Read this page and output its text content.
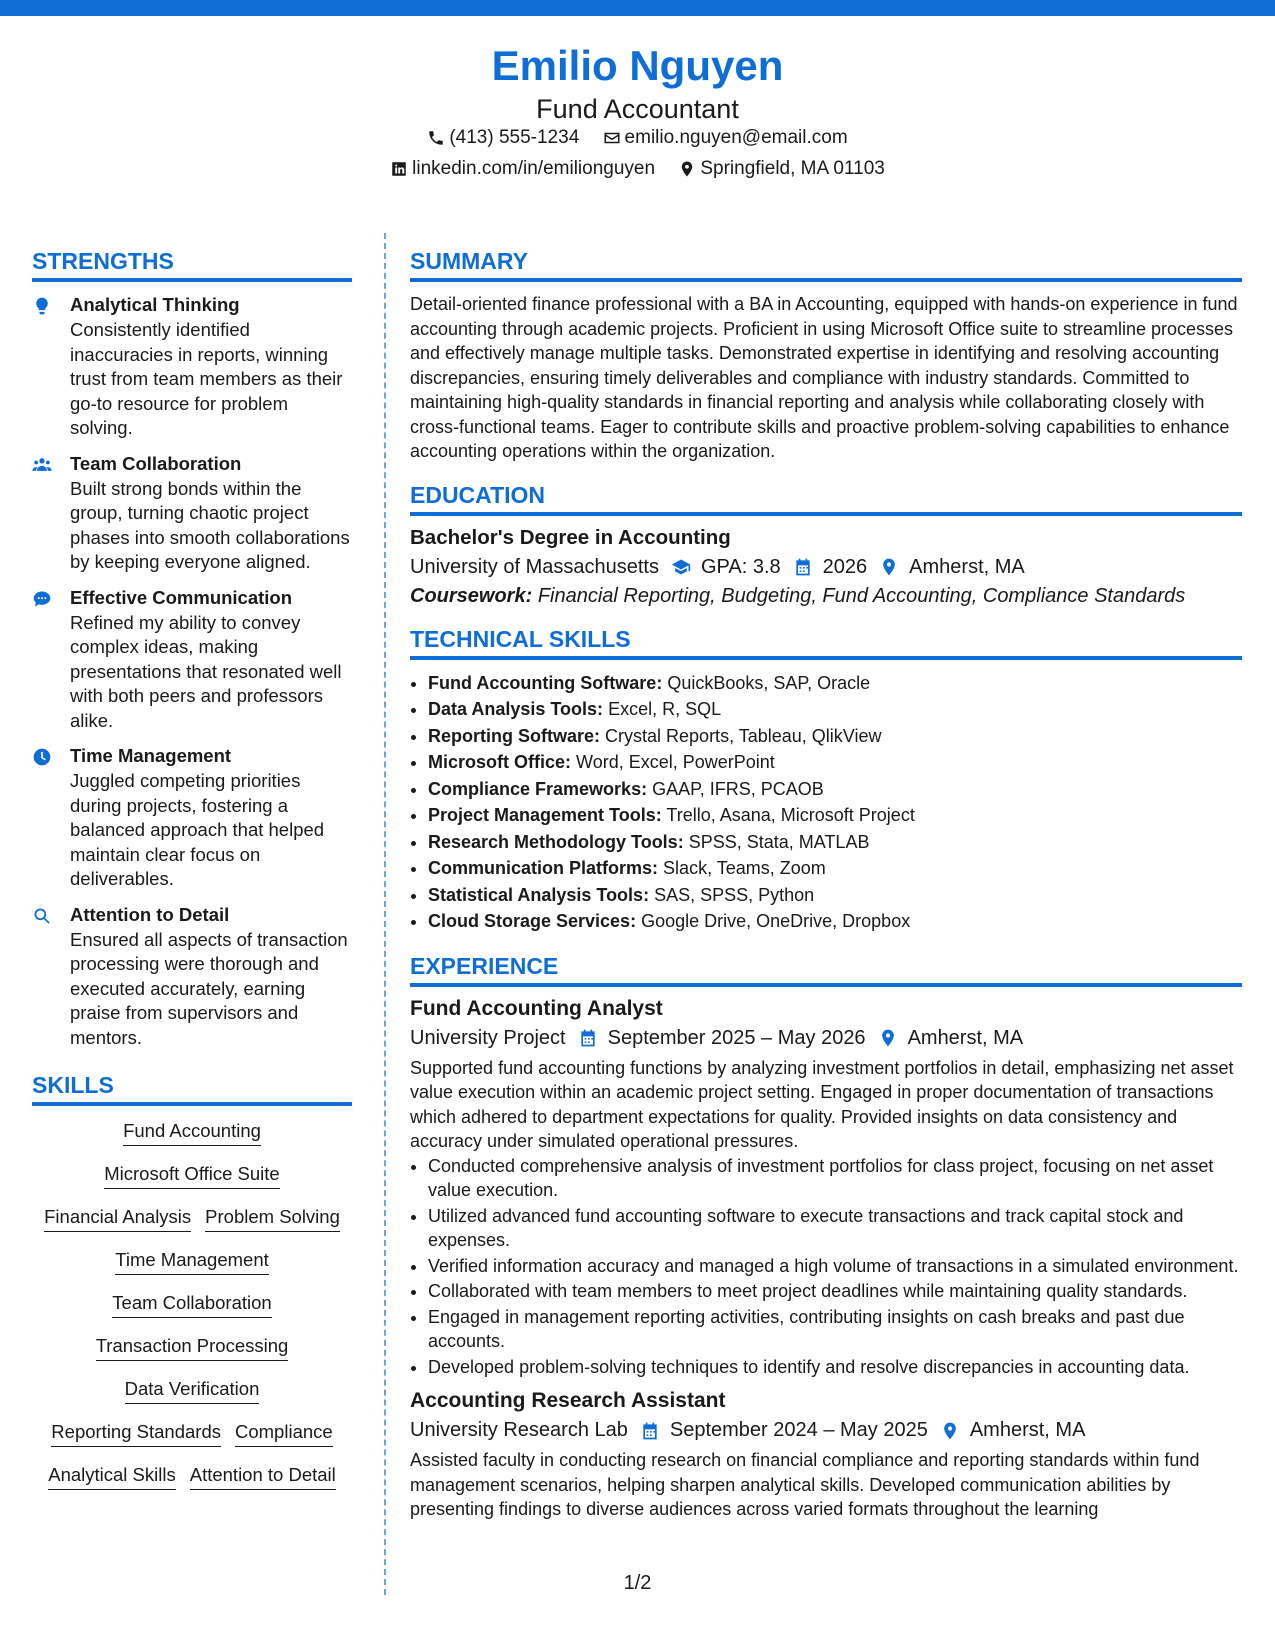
Emilio Nguyen
Fund Accountant
(413) 555-1234
emilio.nguyen@email.com
linkedin.com/in/emilionguyen
Springfield, MA 01103
STRENGTHS
Analytical Thinking
Consistently identified inaccuracies in reports, winning trust from team members as their go-to resource for problem solving.
Team Collaboration
Built strong bonds within the group, turning chaotic project phases into smooth collaborations by keeping everyone aligned.
Effective Communication
Refined my ability to convey complex ideas, making presentations that resonated well with both peers and professors alike.
Time Management
Juggled competing priorities during projects, fostering a balanced approach that helped maintain clear focus on deliverables.
Attention to Detail
Ensured all aspects of transaction processing were thorough and executed accurately, earning praise from supervisors and mentors.
SKILLS
Fund Accounting
Microsoft Office Suite
Financial Analysis Problem Solving
Time Management
Team Collaboration
Transaction Processing
Data Verification
Reporting Standards Compliance
Analytical Skills Attention to Detail
SUMMARY
Detail-oriented finance professional with a BA in Accounting, equipped with hands-on experience in fund accounting through academic projects. Proficient in using Microsoft Office suite to streamline processes and effectively manage multiple tasks. Demonstrated expertise in identifying and resolving accounting discrepancies, ensuring timely deliverables and compliance with industry standards. Committed to maintaining high-quality standards in financial reporting and analysis while collaborating closely with cross-functional teams. Eager to contribute skills and proactive problem-solving capabilities to enhance accounting operations within the organization.
EDUCATION
Bachelor's Degree in Accounting
University of Massachusetts GPA: 3.8 2026 Amherst, MA
Coursework: Financial Reporting, Budgeting, Fund Accounting, Compliance Standards
TECHNICAL SKILLS
• Fund Accounting Software: QuickBooks, SAP, Oracle
• Data Analysis Tools: Excel, R, SQL
• Reporting Software: Crystal Reports, Tableau, QlikView
• Microsoft Office: Word, Excel, PowerPoint
• Compliance Frameworks: GAAP, IFRS, PCAOB
• Project Management Tools: Trello, Asana, Microsoft Project
• Research Methodology Tools: SPSS, Stata, MATLAB
• Communication Platforms: Slack, Teams, Zoom
• Statistical Analysis Tools: SAS, SPSS, Python
• Cloud Storage Services: Google Drive, OneDrive, Dropbox
EXPERIENCE
Fund Accounting Analyst
University Project September 2025 – May 2026 Amherst, MA
Supported fund accounting functions by analyzing investment portfolios in detail, emphasizing net asset value execution within an academic project setting. Engaged in proper documentation of transactions which adhered to department expectations for quality. Provided insights on data consistency and accuracy under simulated operational pressures.
• Conducted comprehensive analysis of investment portfolios for class project, focusing on net asset value execution.
• Utilized advanced fund accounting software to execute transactions and track capital stock and expenses.
• Verified information accuracy and managed a high volume of transactions in a simulated environment.
• Collaborated with team members to meet project deadlines while maintaining quality standards.
• Engaged in management reporting activities, contributing insights on cash breaks and past due accounts.
• Developed problem-solving techniques to identify and resolve discrepancies in accounting data.
Accounting Research Assistant
University Research Lab September 2024 – May 2025 Amherst, MA
Assisted faculty in conducting research on financial compliance and reporting standards within fund management scenarios, helping sharpen analytical skills. Developed communication abilities by presenting findings to diverse audiences across varied formats throughout the learning
1/2
